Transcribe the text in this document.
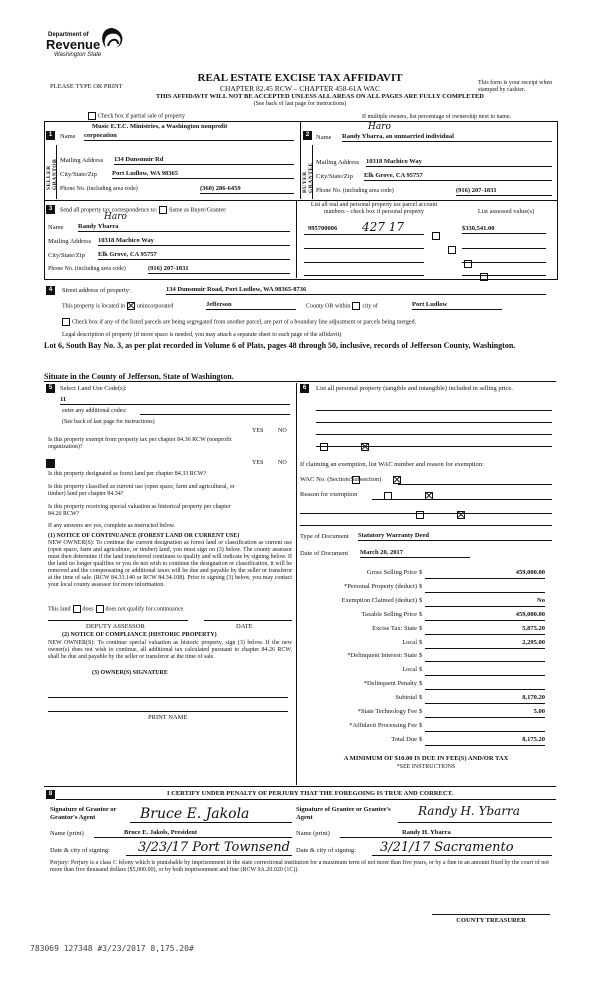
Department of
Revenue
Washington State
PLEASE TYPE OR PRINT
REAL ESTATE EXCISE TAX AFFIDAVIT
CHAPTER 82.45 RCW – CHAPTER 458-61A WAC
THIS AFFIDAVIT WILL NOT BE ACCEPTED UNLESS ALL AREAS ON ALL PAGES ARE FULLY COMPLETED
(See back of last page for instructions)
This form is your receipt when stamped by cashier.
Check box if partial sale of property	If multiple owners, list percentage of ownership next to name.
1
SELLER GRANTOR
Music E.T.C. Ministries, a Washington nonprofit
Name corporation
Mailing Address 134 Dunsmuir Rd
City/State/Zip Port Ludlow, WA 98365
Phone No. (including area code)	(360) 286-6459
2
BUYER GRANTEE
Haro
Name Randy Ybarra, an unmarried individual
Mailing Address 10318 Machico Way
City/State/Zip Elk Grove, CA 95757
Phone No. (including area code)	(916) 207-1831
3	Send all property tax correspondence to: Same as Buyer/Grantee
Haro
Name Randy Ybarra
Mailing Address 10318 Machico Way
City/State/Zip Elk Grove, CA 95757
Phone No. (including area code)	(916) 207-1831
List all real and personal property tax parcel account numbers – check box if personal property	List assessed value(s)
995700006 427 17
	$330,541.00

4	Street address of property:	134 Dunsmuir Road, Port Ludlow, WA 98365-8736
This property is located in unincorporated	Jefferson	County OR within city of	Port Ludlow
Check box if any of the listed parcels are being segregated from another parcel, are part of a boundary line adjustment or parcels being merged.
Legal description of property (if more space is needed, you may attach a separate sheet to each page of the affidavit)
Lot 6, South Bay No. 3, as per plat recorded in Volume 6 of Plats, pages 48 through 50, inclusive, records of Jefferson County, Washington.
Situate in the County of Jefferson, State of Washington.
5	Select Land Use Code(s):
11
enter any additional codes:
(See back of last page for instructions)
YES NO
Is this property exempt from property tax per chapter 84.36 RCW (nonprofit organization)?

YES NO
Is this property designated as forest land per chapter 84.33 RCW?

Is this property classified as current use (open space, farm and agricultural, or timber) land per chapter 84.34?

Is this property receiving special valuation as historical property per chapter 84.26 RCW?

If any answers are yes, complete as instructed below.
(1) NOTICE OF CONTINUANCE (FOREST LAND OR CURRENT USE)
NEW OWNER(S): To continue the current designation as forest land or classification as current use (open space, farm and agriculture, or timber) land, you must sign on (3) below. The county assessor must then determine if the land transferred continues to qualify and will indicate by signing below. If the land no longer qualifies or you do not wish to continue the designation or classification, it will be removed and the compensating or additional taxes will be due and payable by the seller or transferor at the time of sale. (RCW 84.33.140 or RCW 84.34.108). Prior to signing (3) below, you may contact your local county assessor for more information.
This land does does not qualify for continuance.
DEPUTY ASSESSOR	DATE
(2) NOTICE OF COMPLIANCE (HISTORIC PROPERTY)
NEW OWNER(S): To continue special valuation as historic property, sign (3) below. If the new owner(s) does not wish to continue, all additional tax calculated pursuant to chapter 84.26 RCW, shall be due and payable by the seller or transferor at the time of sale.
(3) OWNER(S) SIGNATURE
PRINT NAME
6	List all personal property (tangible and intangible) included in selling price.
If claiming an exemption, list WAC number and reason for exemption:
WAC No. (Section/Subsection)
Reason for exemption
Type of Document Statutory Warranty Deed
Date of Document March 20, 2017
Gross Selling Price $	459,000.00
*Personal Property (deduct) $
Exemption Claimed (deduct) $	No
Taxable Selling Price $	459,000.00
Excise Tax: State $	5,875.20
Local $	2,295.00
*Delinquent Interest: State $
Local $
*Delinquent Penalty $
Subtotal $	8,170.20
*State Technology Fee $	5.00
*Affidavit Processing Fee $
Total Due $	8,175.20
A MINIMUM OF $10.00 IS DUE IN FEE(S) AND/OR TAX
*SEE INSTRUCTIONS
8	I CERTIFY UNDER PENALTY OF PERJURY THAT THE FOREGOING IS TRUE AND CORRECT.
Signature of Grantor or Grantor's Agent	Bruce E. Jakola	Signature of Grantee or Grantee's Agent	Randy H. Ybarra
Name (print)	Bruce E. Jakols, President	Name (print)	Randy H. Ybarra
Date & city of signing: 3/23/17 Port Townsend Date & city of signing: 3/21/17 Sacramento
Perjury: Perjury is a class C felony which is punishable by imprisonment in the state correctional institution for a maximum term of not more than five years, or by a fine in an amount fixed by the court of not more than five thousand dollars ($5,000.00), or by both imprisonment and fine (RCW 9A.20.020 (1C)).
COUNTY TREASURER
783069 127348 #3/23/2017 8,175.20#
